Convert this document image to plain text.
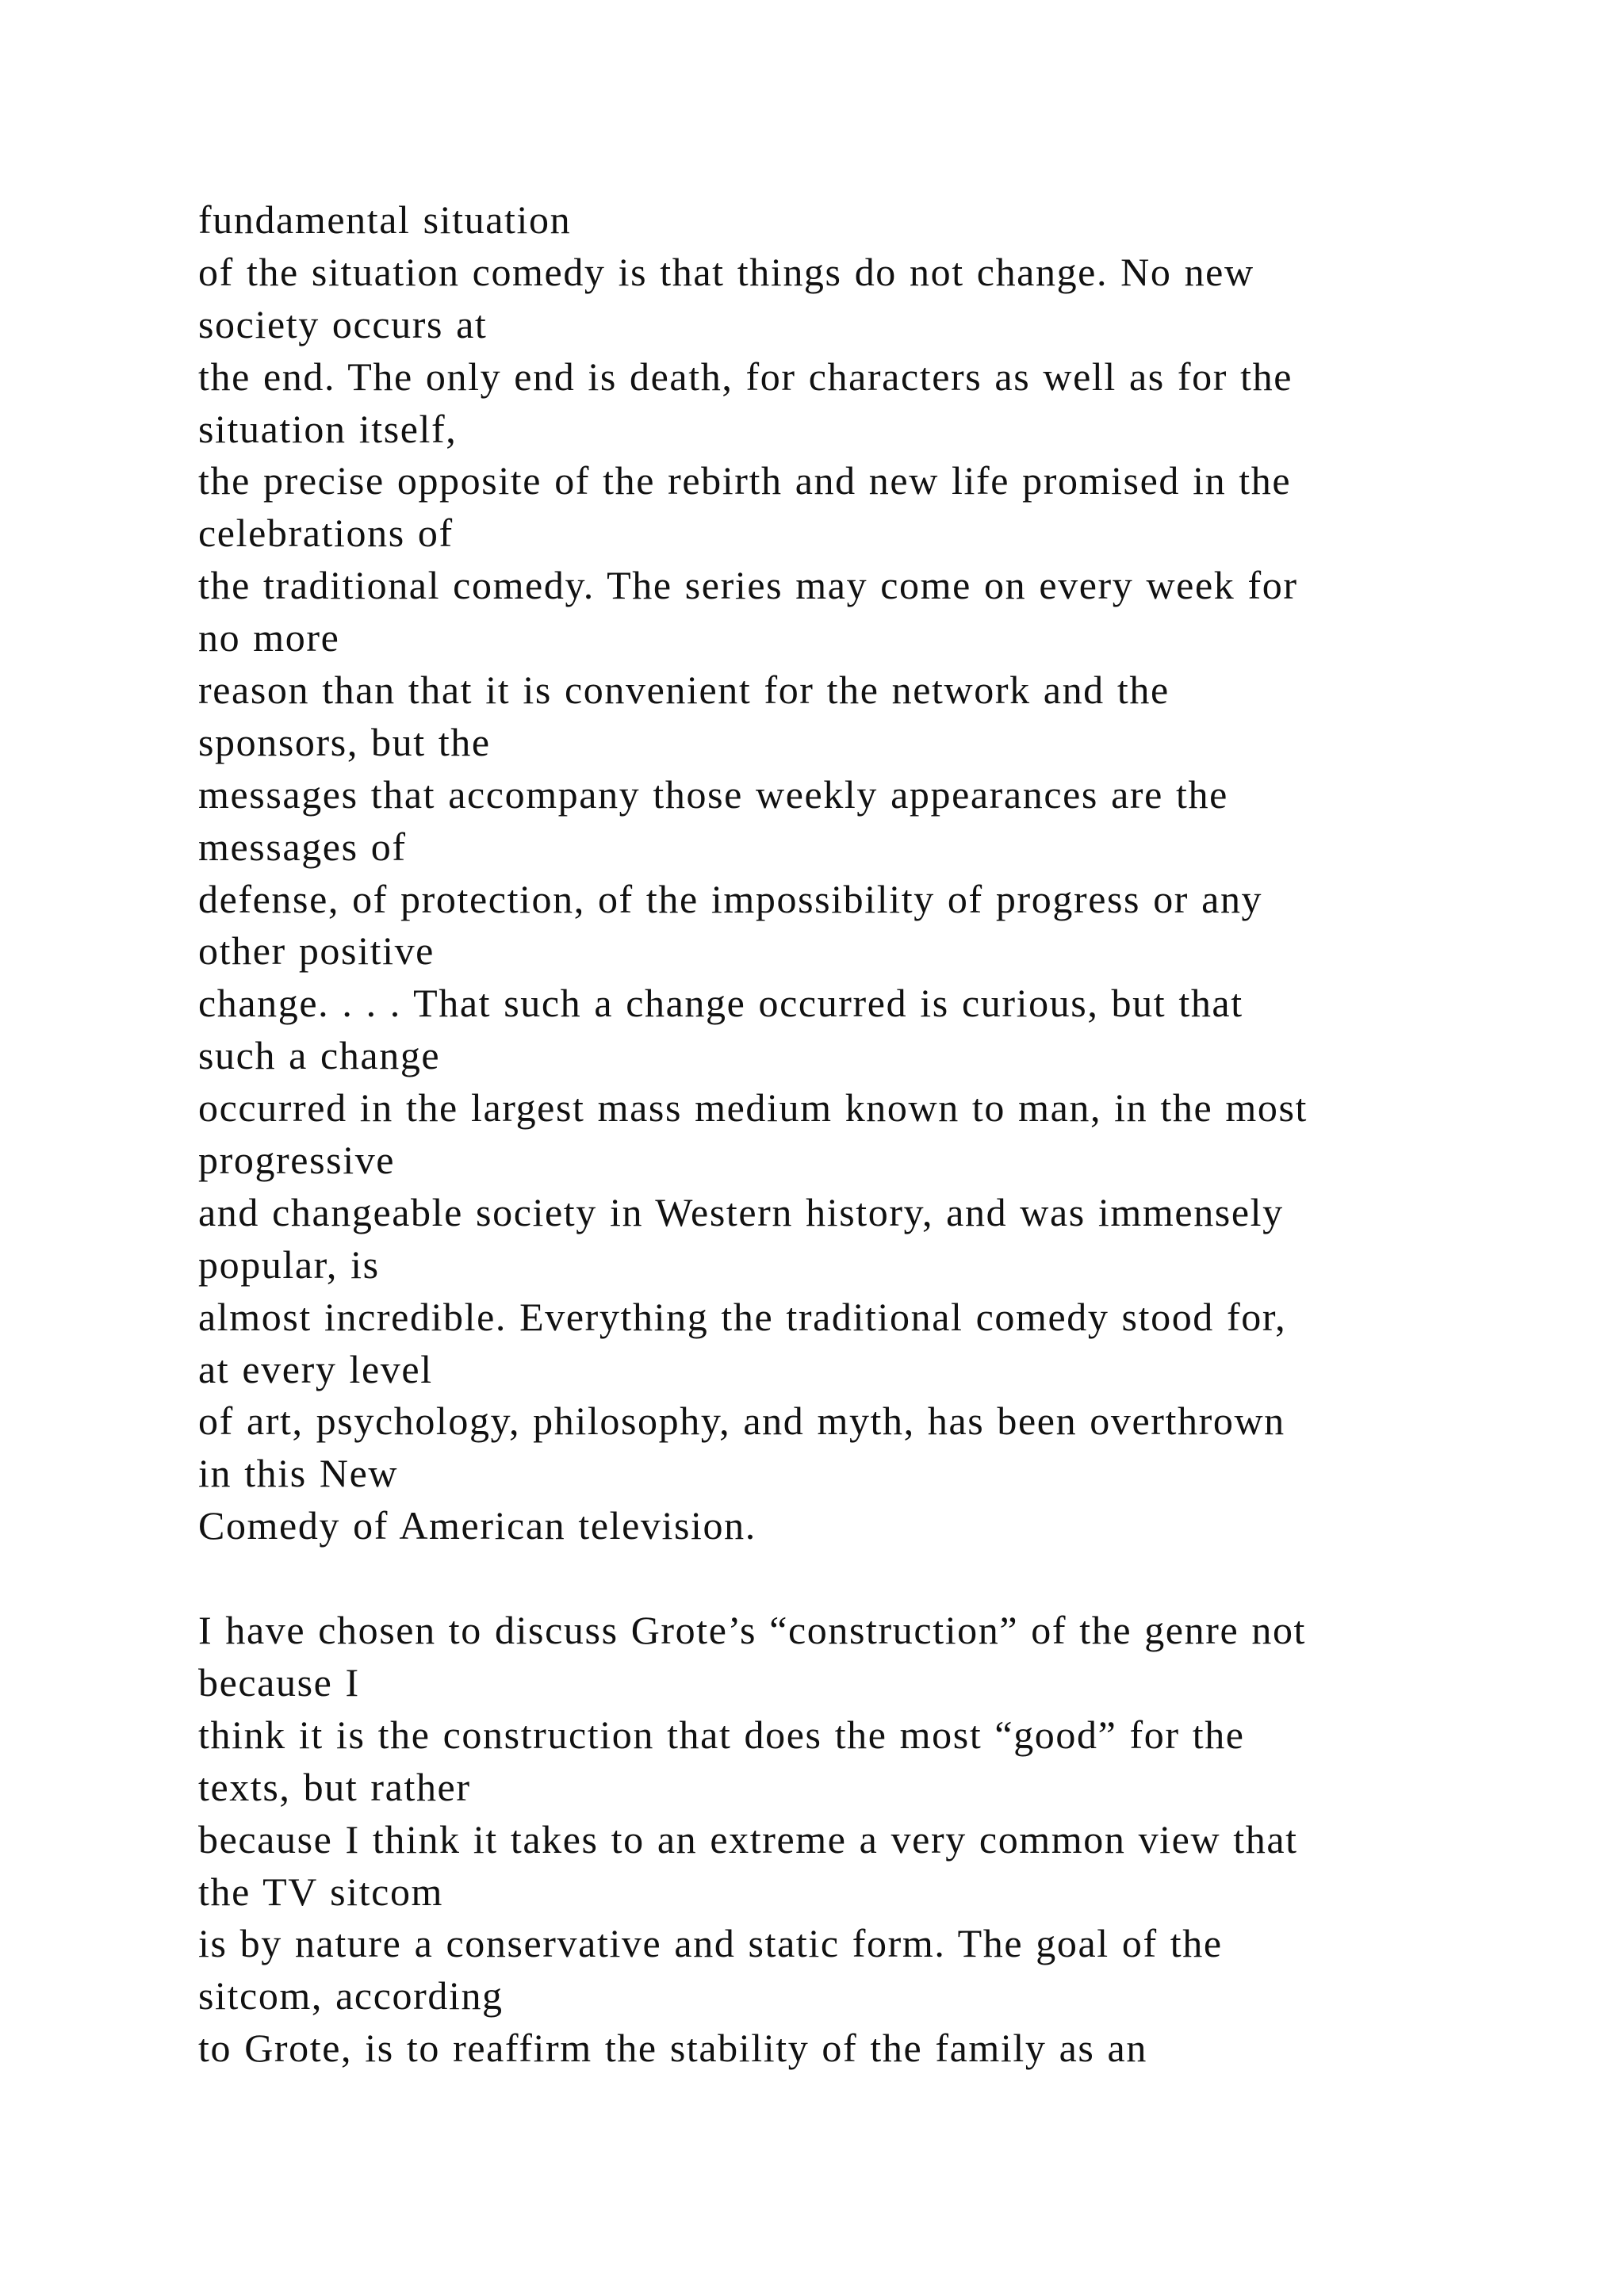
fundamental situation
of the situation comedy is that things do not change. No new
society occurs at
the end. The only end is death, for characters as well as for the
situation itself,
the precise opposite of the rebirth and new life promised in the
celebrations of
the traditional comedy. The series may come on every week for
no more
reason than that it is convenient for the network and the
sponsors, but the
messages that accompany those weekly appearances are the
messages of
defense, of protection, of the impossibility of progress or any
other positive
change. . . . That such a change occurred is curious, but that
such a change
occurred in the largest mass medium known to man, in the most
progressive
and changeable society in Western history, and was immensely
popular, is
almost incredible. Everything the traditional comedy stood for,
at every level
of art, psychology, philosophy, and myth, has been overthrown
in this New
Comedy of American television.
I have chosen to discuss Grote’s “construction” of the genre not
because I
think it is the construction that does the most “good” for the
texts, but rather
because I think it takes to an extreme a very common view that
the TV sitcom
is by nature a conservative and static form. The goal of the
sitcom, according
to Grote, is to reaffirm the stability of the family as an
